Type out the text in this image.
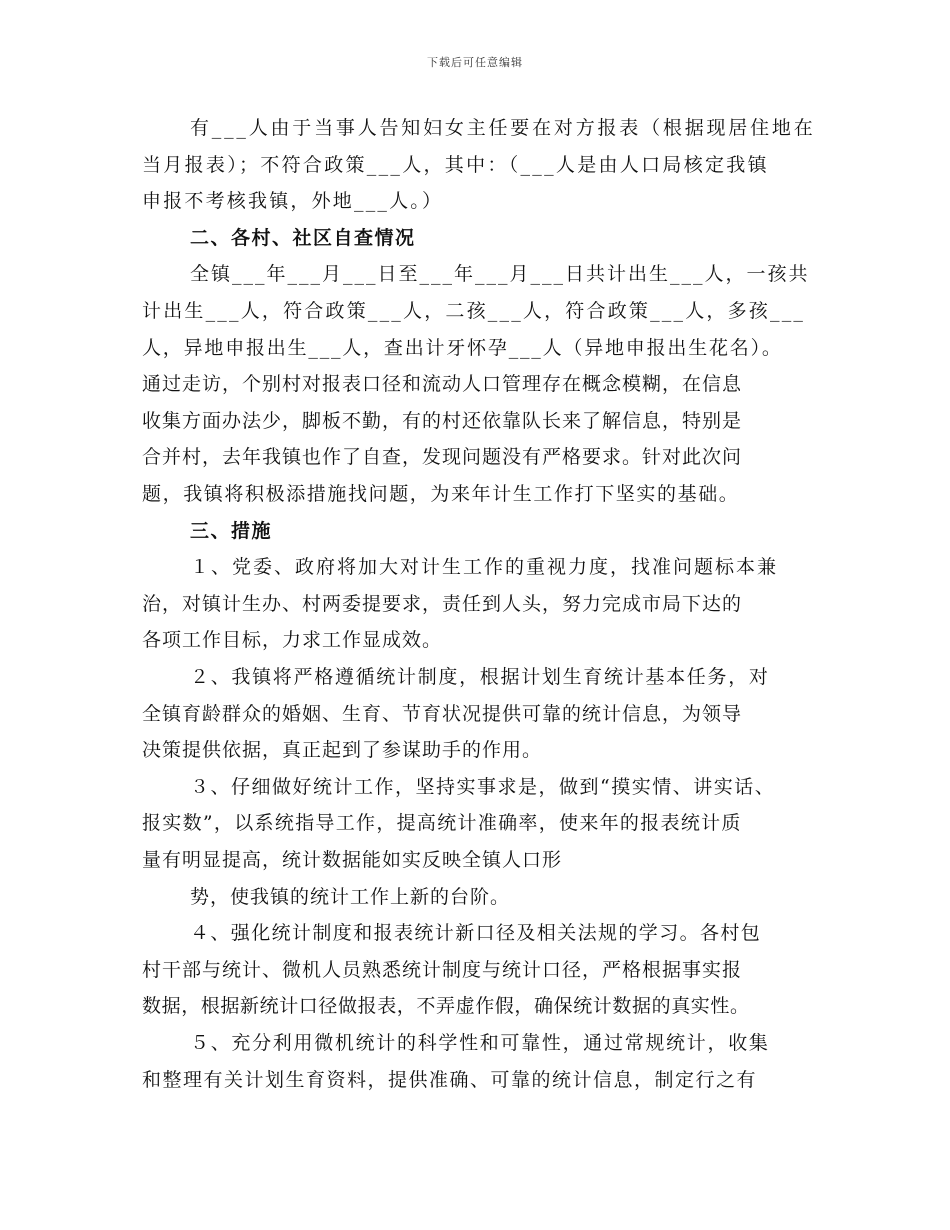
下载后可任意编辑
有___人由于当事人告知妇女主任要在对方报表（根据现居住地在
当月报表）；不符合政策___人，其中：（___人是由人口局核定我镇
申报不考核我镇，外地___人。）
二、各村、社区自查情况
全镇___年___月___日至___年___月___日共计出生___人，一孩共
计出生___人，符合政策___人，二孩___人，符合政策___人，多孩___
人，异地申报出生___人，查出计牙怀孕___人（异地申报出生花名）。
通过走访，个别村对报表口径和流动人口管理存在概念模糊，在信息
收集方面办法少，脚板不勤，有的村还依靠队长来了解信息，特别是
合并村，去年我镇也作了自查，发现问题没有严格要求。针对此次问
题，我镇将积极添措施找问题，为来年计生工作打下坚实的基础。
三、措施
１、党委、政府将加大对计生工作的重视力度，找准问题标本兼
治，对镇计生办、村两委提要求，责任到人头，努力完成市局下达的
各项工作目标，力求工作显成效。
２、我镇将严格遵循统计制度，根据计划生育统计基本任务，对
全镇育龄群众的婚姻、生育、节育状况提供可靠的统计信息，为领导
决策提供依据，真正起到了参谋助手的作用。
３、仔细做好统计工作，坚持实事求是，做到“摸实情、讲实话、
报实数”，以系统指导工作，提高统计准确率，使来年的报表统计质
量有明显提高，统计数据能如实反映全镇人口形
势，使我镇的统计工作上新的台阶。
４、强化统计制度和报表统计新口径及相关法规的学习。各村包
村干部与统计、微机人员熟悉统计制度与统计口径，严格根据事实报
数据，根据新统计口径做报表，不弄虚作假，确保统计数据的真实性。
５、充分利用微机统计的科学性和可靠性，通过常规统计，收集
和整理有关计划生育资料，提供准确、可靠的统计信息，制定行之有
